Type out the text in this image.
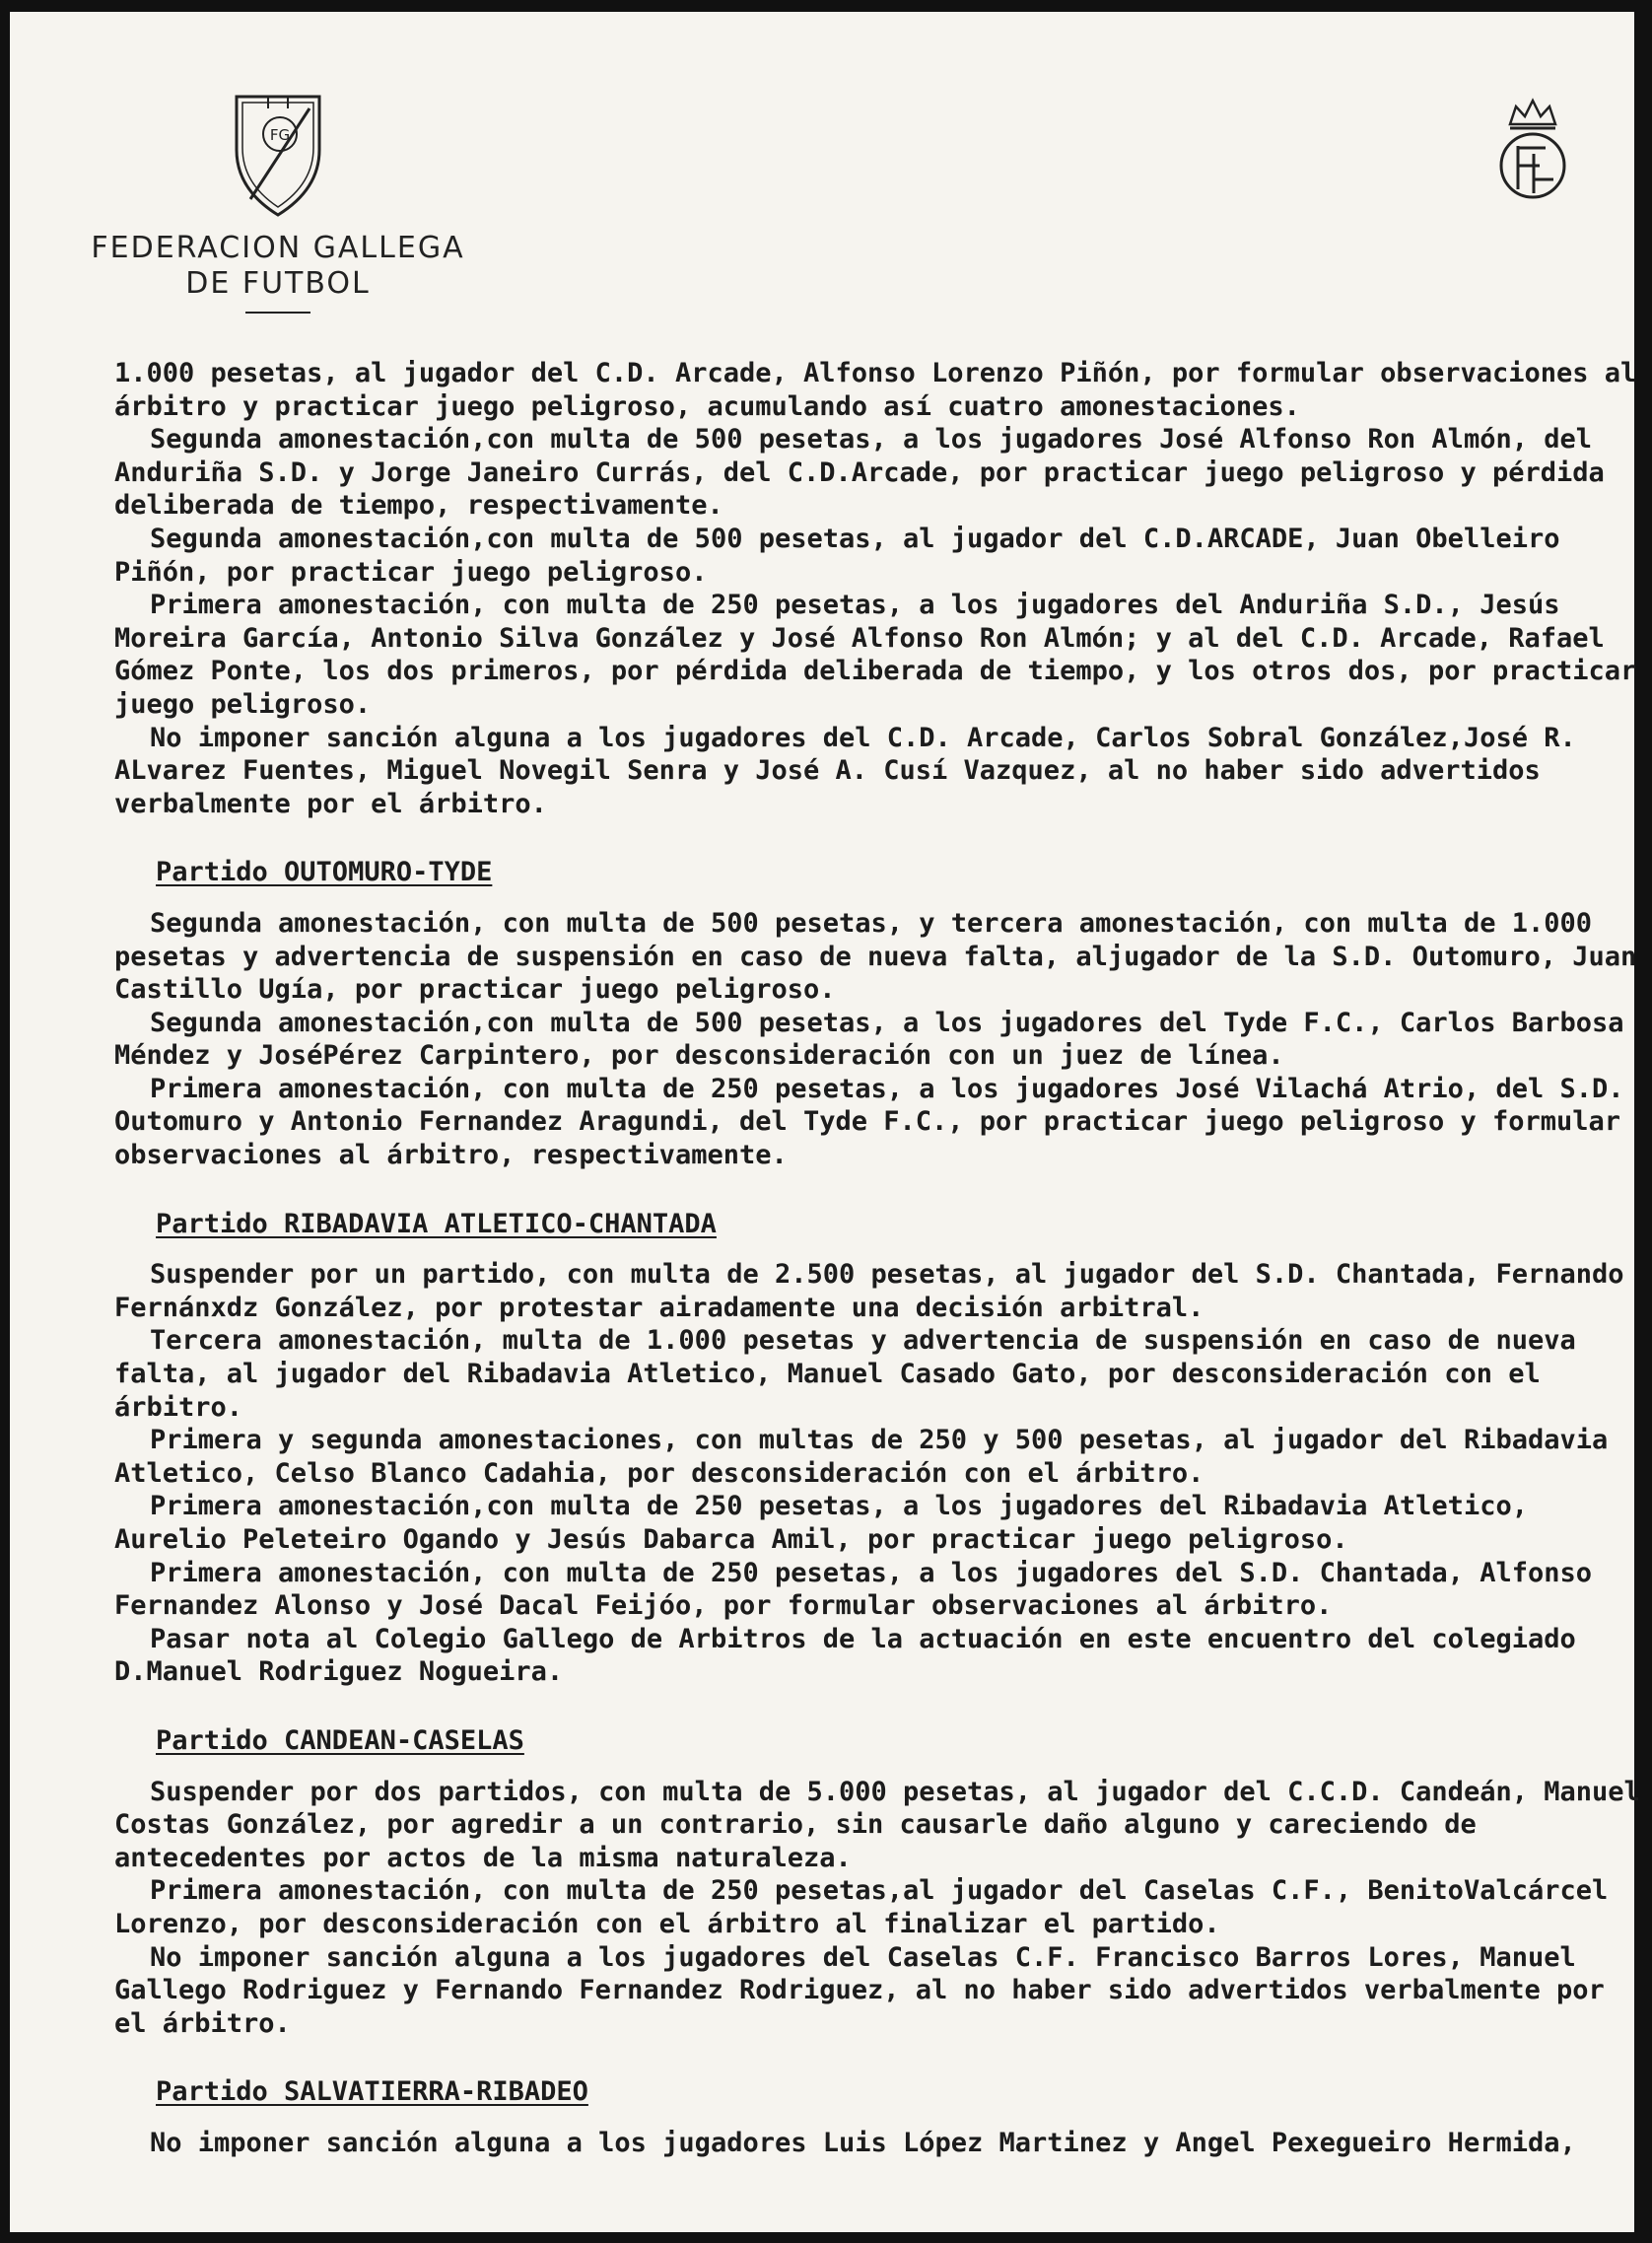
FG
FEDERACION GALLEGA
DE FUTBOL

1.000 pesetas, al jugador del C.D. Arcade, Alfonso Lorenzo Piñón, por formular observaciones al árbitro y practicar juego peligroso, acumulando así cuatro amonestaciones.

Segunda amonestación,con multa de 500 pesetas, a los jugadores José Alfonso Ron Almón, del Anduriña S.D. y Jorge Janeiro Currás, del C.D.Arcade, por practicar juego peligroso y pérdida deliberada de tiempo, respectivamente.

Segunda amonestación,con multa de 500 pesetas, al jugador del C.D.ARCADE, Juan Obelleiro Piñón, por practicar juego peligroso.

Primera amonestación, con multa de 250 pesetas, a los jugadores del Anduriña S.D., Jesús Moreira García, Antonio Silva González y José Alfonso Ron Almón; y al del C.D. Arcade, Rafael Gómez Ponte, los dos primeros, por pérdida deliberada de tiempo, y los otros dos, por practicar juego peligroso.

No imponer sanción alguna a los jugadores del C.D. Arcade, Carlos Sobral González,José R. ALvarez Fuentes, Miguel Novegil Senra y José A. Cusí Vazquez, al no haber sido advertidos verbalmente por el árbitro.

Partido OUTOMURO-TYDE

Segunda amonestación, con multa de 500 pesetas, y tercera amonestación, con multa de 1.000 pesetas y advertencia de suspensión en caso de nueva falta, aljugador de la S.D. Outomuro, Juan Castillo Ugía, por practicar juego peligroso.

Segunda amonestación,con multa de 500 pesetas, a los jugadores del Tyde F.C., Carlos Barbosa Méndez y JoséPérez Carpintero, por desconsideración con un juez de línea.

Primera amonestación, con multa de 250 pesetas, a los jugadores José Vilachá Atrio, del S.D. Outomuro y Antonio Fernandez Aragundi, del Tyde F.C., por practicar juego peligroso y formular observaciones al árbitro, respectivamente.

Partido RIBADAVIA ATLETICO-CHANTADA

Suspender por un partido, con multa de 2.500 pesetas, al jugador del S.D. Chantada, Fernando Fernánxdz González, por protestar airadamente una decisión arbitral.

Tercera amonestación, multa de 1.000 pesetas y advertencia de suspensión en caso de nueva falta, al jugador del Ribadavia Atletico, Manuel Casado Gato, por desconsideración con el árbitro.

Primera y segunda amonestaciones, con multas de 250 y 500 pesetas, al jugador del Ribadavia Atletico, Celso Blanco Cadahia, por desconsideración con el árbitro.

Primera amonestación,con multa de 250 pesetas, a los jugadores del Ribadavia Atletico, Aurelio Peleteiro Ogando y Jesús Dabarca Amil, por practicar juego peligroso.

Primera amonestación, con multa de 250 pesetas, a los jugadores del S.D. Chantada, Alfonso Fernandez Alonso y José Dacal Feijóo, por formular observaciones al árbitro.

Pasar nota al Colegio Gallego de Arbitros de la actuación en este encuentro del colegiado D.Manuel Rodriguez Nogueira.

Partido CANDEAN-CASELAS

Suspender por dos partidos, con multa de 5.000 pesetas, al jugador del C.C.D. Candeán, Manuel Costas González, por agredir a un contrario, sin causarle daño alguno y careciendo de antecedentes por actos de la misma naturaleza.

Primera amonestación, con multa de 250 pesetas,al jugador del Caselas C.F., BenitoValcárcel Lorenzo, por desconsideración con el árbitro al finalizar el partido.

No imponer sanción alguna a los jugadores del Caselas C.F. Francisco Barros Lores, Manuel Gallego Rodriguez y Fernando Fernandez Rodriguez, al no haber sido advertidos verbalmente por el árbitro.

Partido SALVATIERRA-RIBADEO

No imponer sanción alguna a los jugadores Luis López Martinez y Angel Pexegueiro Hermida,
